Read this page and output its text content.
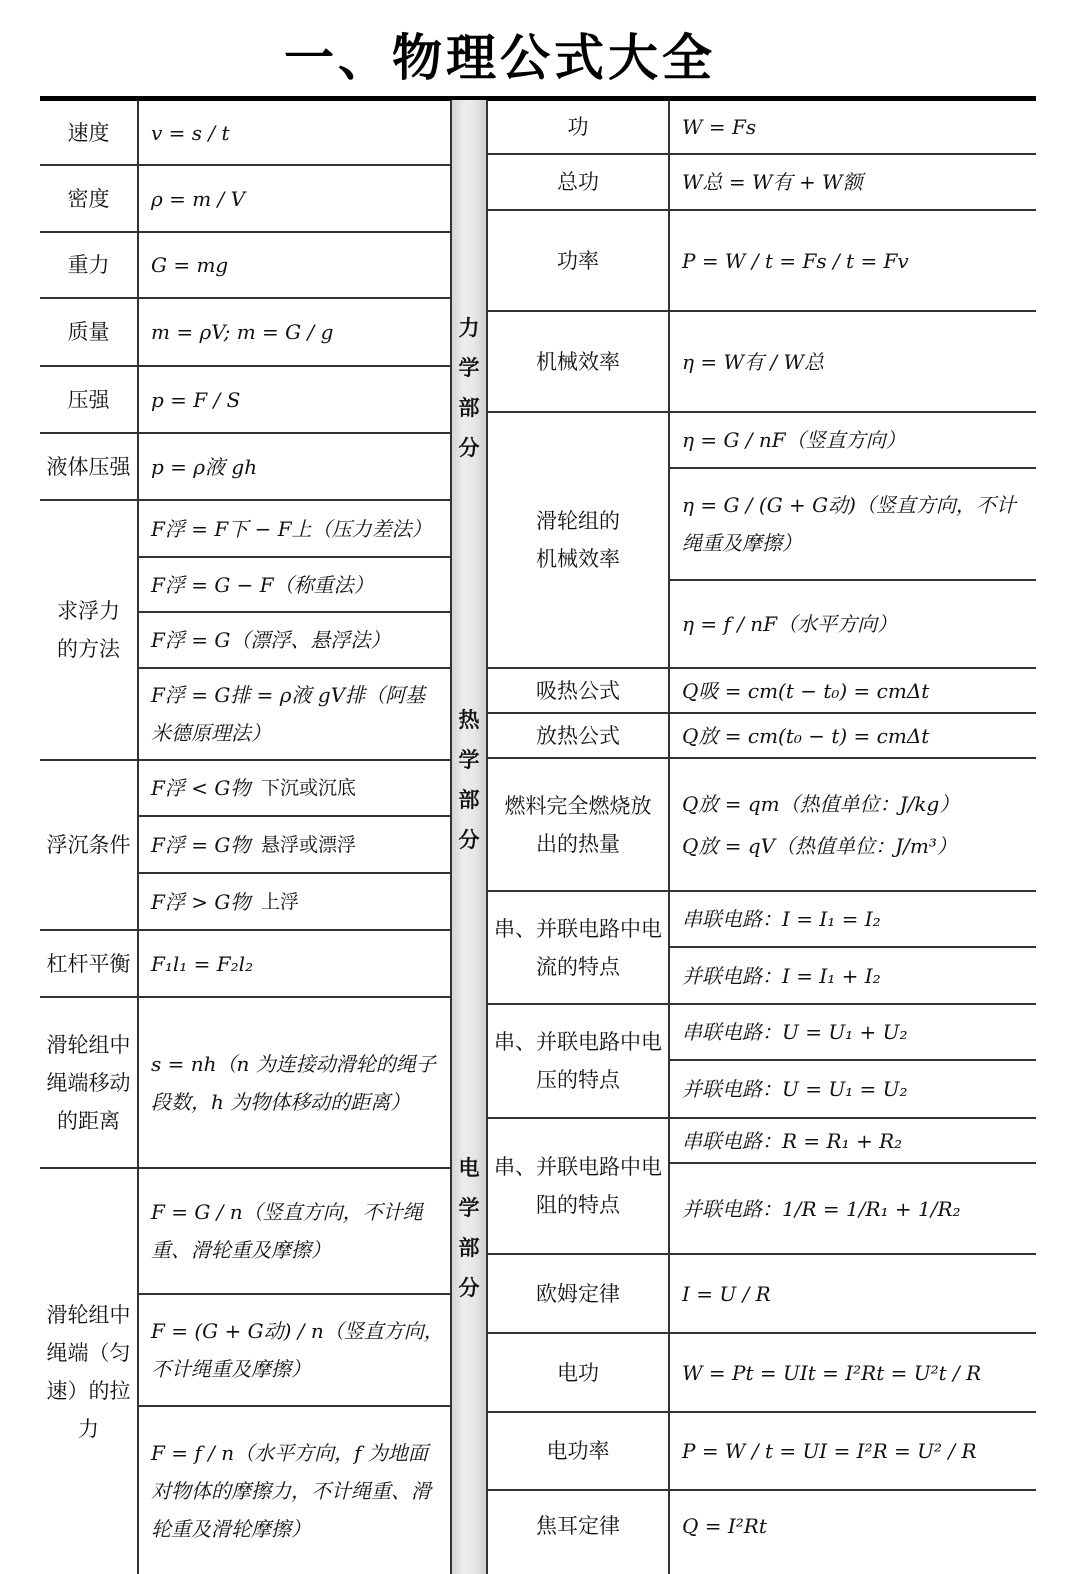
一、物理公式大全
力
学
部
分
热
学
部
分
电
学
部
分
速度
密度
重力
质量
压强
液体压强
求浮力的方法
浮沉条件
杠杆平衡
滑轮组中绳端移动的距离
滑轮组中绳端（匀速）的拉力
v = s / t
ρ = m / V
G = mg
m = ρV; m = G / g
p = F / S
p = ρ液 gh
F浮 = F下 − F上（压力差法）
F浮 = G − F（称重法）
F浮 = G（漂浮、悬浮法）
F浮 = G排 = ρ液 gV排（阿基米德原理法）
F浮 < G物 下沉或沉底
F浮 = G物 悬浮或漂浮
F浮 > G物 上浮
F₁l₁ = F₂l₂
s = nh（n 为连接动滑轮的绳子段数，h 为物体移动的距离）
F = G / n（竖直方向，不计绳重、滑轮重及摩擦）
F = (G + G动) / n（竖直方向，不计绳重及摩擦）
F = f / n（水平方向，f 为地面对物体的摩擦力，不计绳重、滑轮重及滑轮摩擦）
功
总功
功率
机械效率
滑轮组的机械效率
吸热公式
放热公式
燃料完全燃烧放出的热量
串、并联电路中电流的特点
串、并联电路中电压的特点
串、并联电路中电阻的特点
欧姆定律
电功
电功率
焦耳定律
W = Fs
W总 = W有 + W额
P = W / t = Fs / t = Fv
η = W有 / W总
η = G / nF（竖直方向）
η = G / (G + G动)（竖直方向，不计绳重及摩擦）
η = f / nF（水平方向）
Q吸 = cm(t − t₀) = cmΔt
Q放 = cm(t₀ − t) = cmΔt
Q放 = qm（热值单位：J/kg）
Q放 = qV（热值单位：J/m³）
串联电路：I = I₁ = I₂
并联电路：I = I₁ + I₂
串联电路：U = U₁ + U₂
并联电路：U = U₁ = U₂
串联电路：R = R₁ + R₂
并联电路：1/R = 1/R₁ + 1/R₂
I = U / R
W = Pt = UIt = I²Rt = U²t / R
P = W / t = UI = I²R = U² / R
Q = I²Rt
